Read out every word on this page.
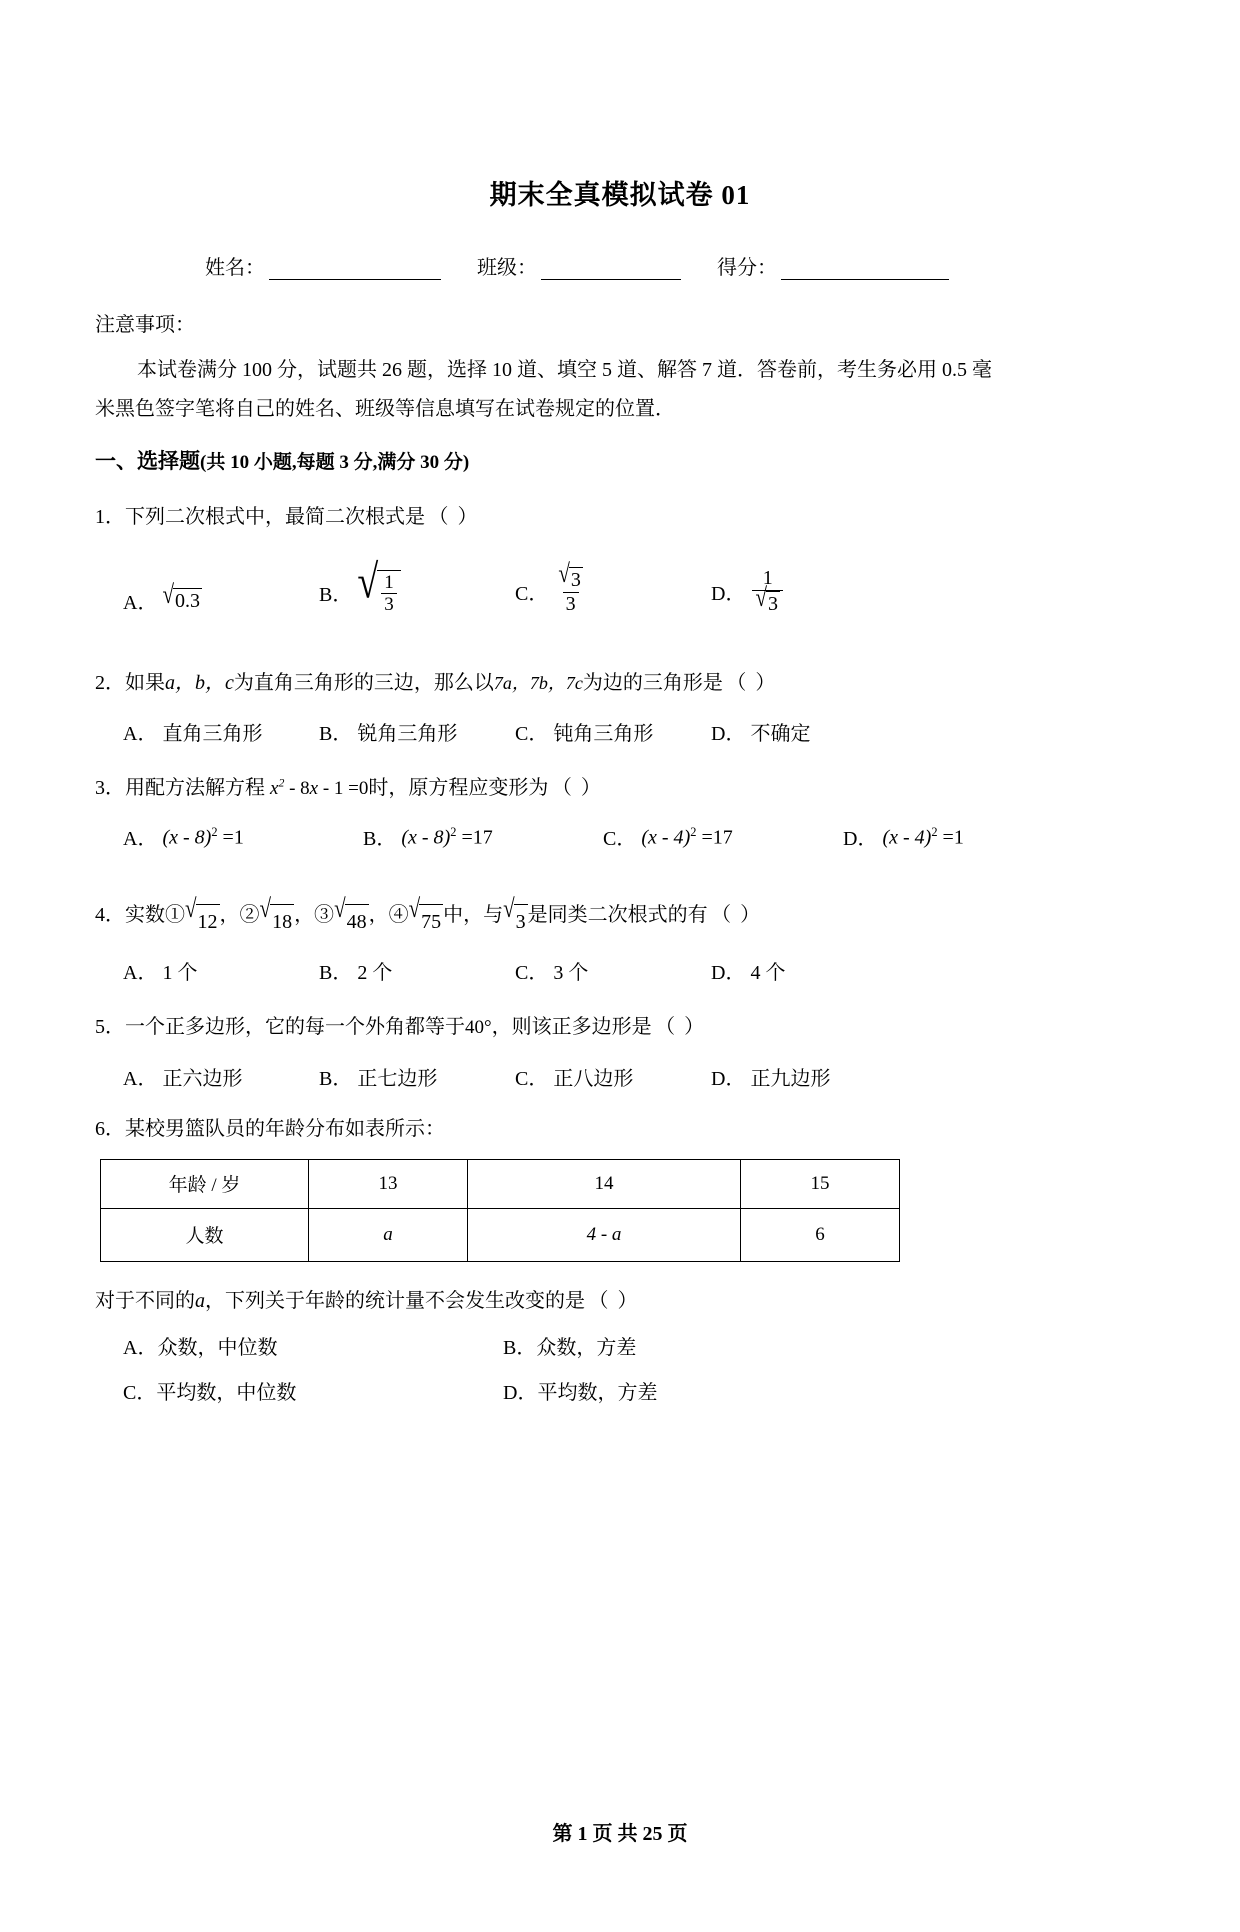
期末全真模拟试卷 01
姓名：	班级：	得分：
注意事项：
本试卷满分 100 分，试题共 26 题，选择 10 道、填空 5 道、解答 7 道．答卷前，考生务必用 0.5 毫
米黑色签字笔将自己的姓名、班级等信息填写在试卷规定的位置．
一、选择题(共 10 小题,每题 3 分,满分 30 分)
1．下列二次根式中，最简二次根式是 （ ）
A． √ 0.3	B． √ $\frac{1}{3}$	C． $\frac{√ 3}{3}$	D． $\frac{1}{√ 3}$
2．如果a，b，c为直角三角形的三边，那么以7a，7b，7c为边的三角形是 （ ）
A． 直角三角形	B． 锐角三角形	C． 钝角三角形	D． 不确定
3．用配方法解方程 $x^2 - 8x - 1 =0$时，原方程应变形为 （ ）
A． (x - 8)$^2$ =1	B． (x - 8)$^2$ =17	C． (x - 4)$^2$ =17	D． (x - 4)$^2$ =1
4．实数① √ 12 ，② √ 18 ，③ √ 48 ，④ √ 75 中，与 √ 3 是同类二次根式的有 （ ）
A． 1 个	B． 2 个	C． 3 个	D． 4 个
5．一个正多边形，它的每一个外角都等于40°，则该正多边形是 （ ）
A． 正六边形	B． 正七边形	C． 正八边形	D． 正九边形
6．某校男篮队员的年龄分布如表所示：
年龄 / 岁	13	14	15
人数	a	4 - a	6
对于不同的a，下列关于年龄的统计量不会发生改变的是 （ ）
A．众数，中位数	B．众数，方差
C．平均数，中位数	D．平均数，方差
第 1 页 共 25 页
